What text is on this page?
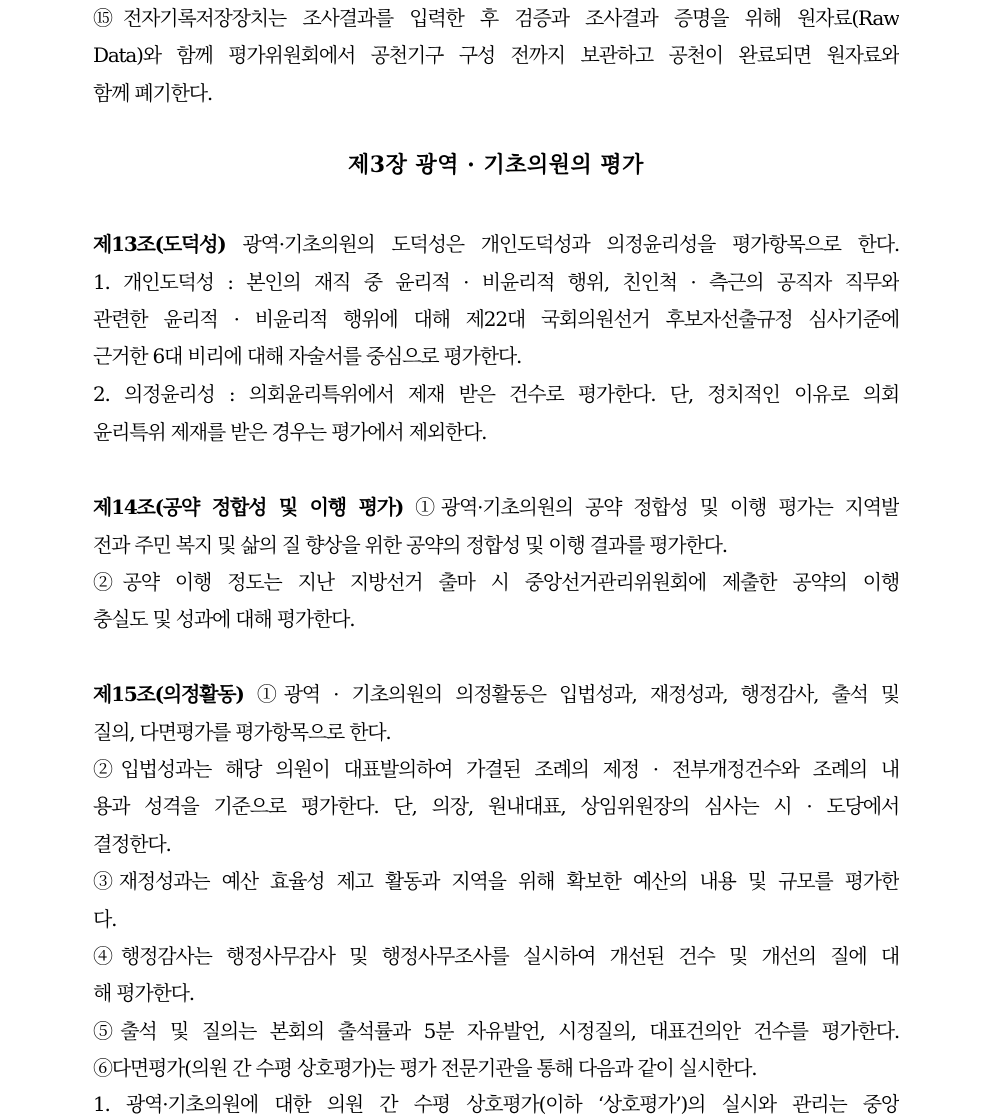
⑮전자기록저장장치는 조사결과를 입력한 후 검증과 조사결과 증명을 위해 원자료(Raw
Data)와 함께 평가위원회에서 공천기구 구성 전까지 보관하고 공천이 완료되면 원자료와
함께 폐기한다.
제3장 광역 · 기초의원의 평가
제13조(도덕성) 광역·기초의원의 도덕성은 개인도덕성과 의정윤리성을 평가항목으로 한다.
1. 개인도덕성 : 본인의 재직 중 윤리적 · 비윤리적 행위, 친인척 · 측근의 공직자 직무와
관련한 윤리적 · 비윤리적 행위에 대해 제22대 국회의원선거 후보자선출규정 심사기준에
근거한 6대 비리에 대해 자술서를 중심으로 평가한다.
2. 의정윤리성 : 의회윤리특위에서 제재 받은 건수로 평가한다. 단, 정치적인 이유로 의회
윤리특위 제재를 받은 경우는 평가에서 제외한다.
제14조(공약 정합성 및 이행 평가) ①광역·기초의원의 공약 정합성 및 이행 평가는 지역발
전과 주민 복지 및 삶의 질 향상을 위한 공약의 정합성 및 이행 결과를 평가한다.
②공약 이행 정도는 지난 지방선거 출마 시 중앙선거관리위원회에 제출한 공약의 이행
충실도 및 성과에 대해 평가한다.
제15조(의정활동) ①광역 · 기초의원의 의정활동은 입법성과, 재정성과, 행정감사, 출석 및
질의, 다면평가를 평가항목으로 한다.
②입법성과는 해당 의원이 대표발의하여 가결된 조례의 제정 · 전부개정건수와 조례의 내
용과 성격을 기준으로 평가한다. 단, 의장, 원내대표, 상임위원장의 심사는 시 · 도당에서
결정한다.
③재정성과는 예산 효율성 제고 활동과 지역을 위해 확보한 예산의 내용 및 규모를 평가한
다.
④행정감사는 행정사무감사 및 행정사무조사를 실시하여 개선된 건수 및 개선의 질에 대
해 평가한다.
⑤출석 및 질의는 본회의 출석률과 5분 자유발언, 시정질의, 대표건의안 건수를 평가한다.
⑥다면평가(의원 간 수평 상호평가)는 평가 전문기관을 통해 다음과 같이 실시한다.
1. 광역·기초의원에 대한 의원 간 수평 상호평가(이하 ‘상호평가’)의 실시와 관리는 중앙
